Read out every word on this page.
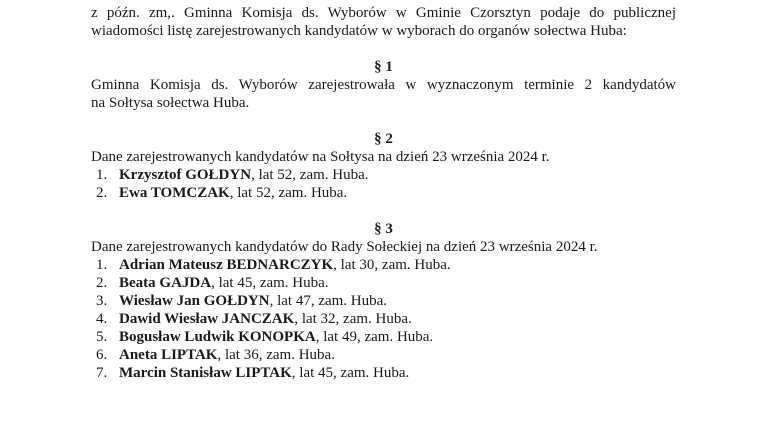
z późn. zm,. Gminna Komisja ds. Wyborów w Gminie Czorsztyn podaje do publicznej
wiadomości listę zarejestrowanych kandydatów w wyborach do organów sołectwa Huba:
§ 1
Gminna Komisja ds. Wyborów zarejestrowała w wyznaczonym terminie 2 kandydatów
na Sołtysa sołectwa Huba.
§ 2
Dane zarejestrowanych kandydatów na Sołtysa na dzień 23 września 2024 r.
1. Krzysztof GOŁDYN, lat 52, zam. Huba.
2. Ewa TOMCZAK, lat 52, zam. Huba.
§ 3
Dane zarejestrowanych kandydatów do Rady Sołeckiej na dzień 23 września 2024 r.
1. Adrian Mateusz BEDNARCZYK, lat 30, zam. Huba.
2. Beata GAJDA, lat 45, zam. Huba.
3. Wiesław Jan GOŁDYN, lat 47, zam. Huba.
4. Dawid Wiesław JANCZAK, lat 32, zam. Huba.
5. Bogusław Ludwik KONOPKA, lat 49, zam. Huba.
6. Aneta LIPTAK, lat 36, zam. Huba.
7. Marcin Stanisław LIPTAK, lat 45, zam. Huba.
